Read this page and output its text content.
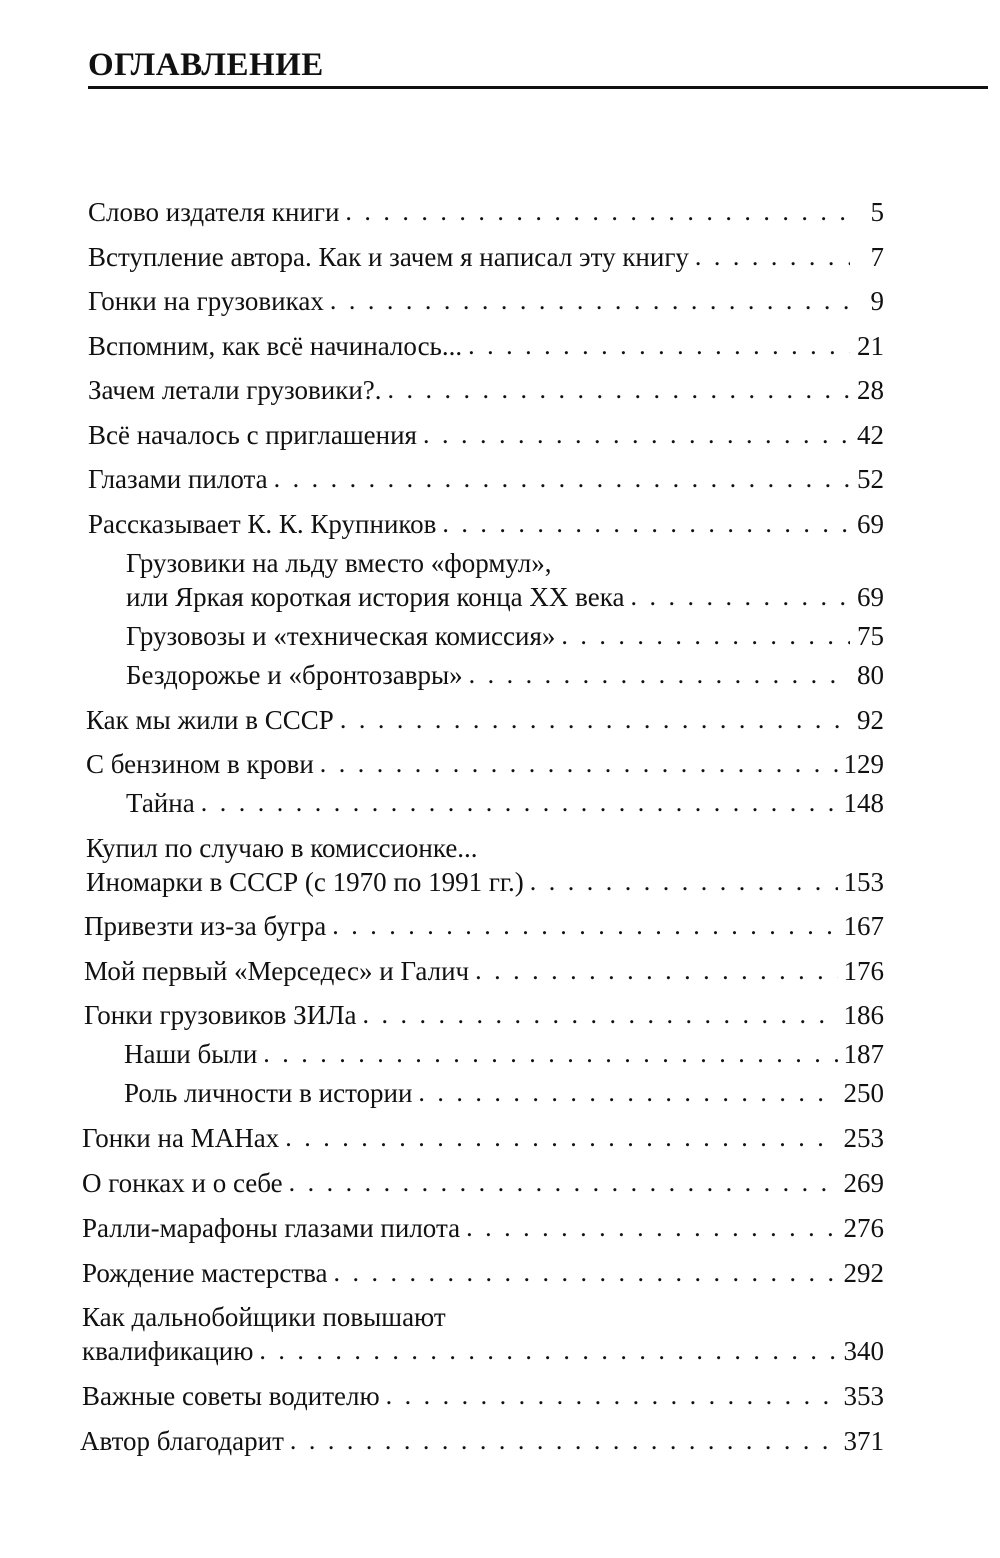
ОГЛАВЛЕНИЕ
Слово издателя книги . . .	5
Вступление автора. Как и зачем я написал эту книгу . . .	7
Гонки на грузовиках . . .	9
Вспомним, как всё начиналось... . . .	21
Зачем летали грузовики?. . . .	28
Всё началось с приглашения . . .	42
Глазами пилота . . .	52
Рассказывает К. К. Крупников . . .	69
Грузовики на льду вместо «формул»,
или Яркая короткая история конца XX века . . .	69
Грузовозы и «техническая комиссия» . . .	75
Бездорожье и «бронтозавры» . . .	80
Как мы жили в СССР . . .	92
С бензином в крови . . .	129
Тайна . . .	148
Купил по случаю в комиссионке...
Иномарки в СССР (с 1970 по 1991 гг.) . . .	153
Привезти из-за бугра . . .	167
Мой первый «Мерседес» и Галич . . .	176
Гонки грузовиков ЗИЛа . . .	186
Наши были . . .	187
Роль личности в истории . . .	250
Гонки на МАНах . . .	253
О гонках и о себе . . .	269
Ралли-марафоны глазами пилота . . .	276
Рождение мастерства . . .	292
Как дальнобойщики повышают
квалификацию . . .	340
Важные советы водителю . . .	353
Автор благодарит . . .	371
